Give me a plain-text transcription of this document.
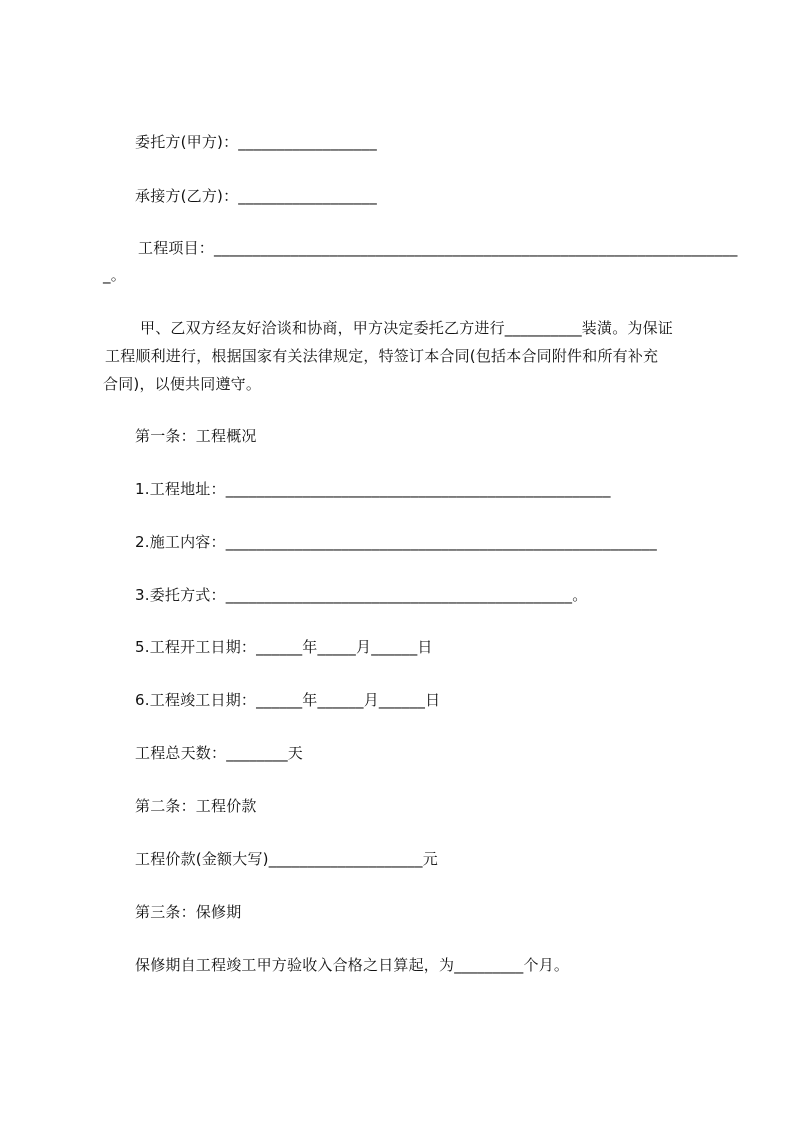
委托方(甲方)：__________________
承接方(乙方)：__________________
工程项目：____________________________________________________________________
_。
甲、乙双方经友好洽谈和协商，甲方决定委托乙方进行__________装潢。为保证
工程顺利进行，根据国家有关法律规定，特签订本合同(包括本合同附件和所有补充
合同)，以便共同遵守。
第一条：工程概况
1.工程地址：__________________________________________________
2.施工内容：________________________________________________________
3.委托方式：_____________________________________________。
5.工程开工日期：______年_____月______日
6.工程竣工日期：______年______月______日
工程总天数：________天
第二条：工程价款
工程价款(金额大写)____________________元
第三条：保修期
保修期自工程竣工甲方验收入合格之日算起，为_________个月。
